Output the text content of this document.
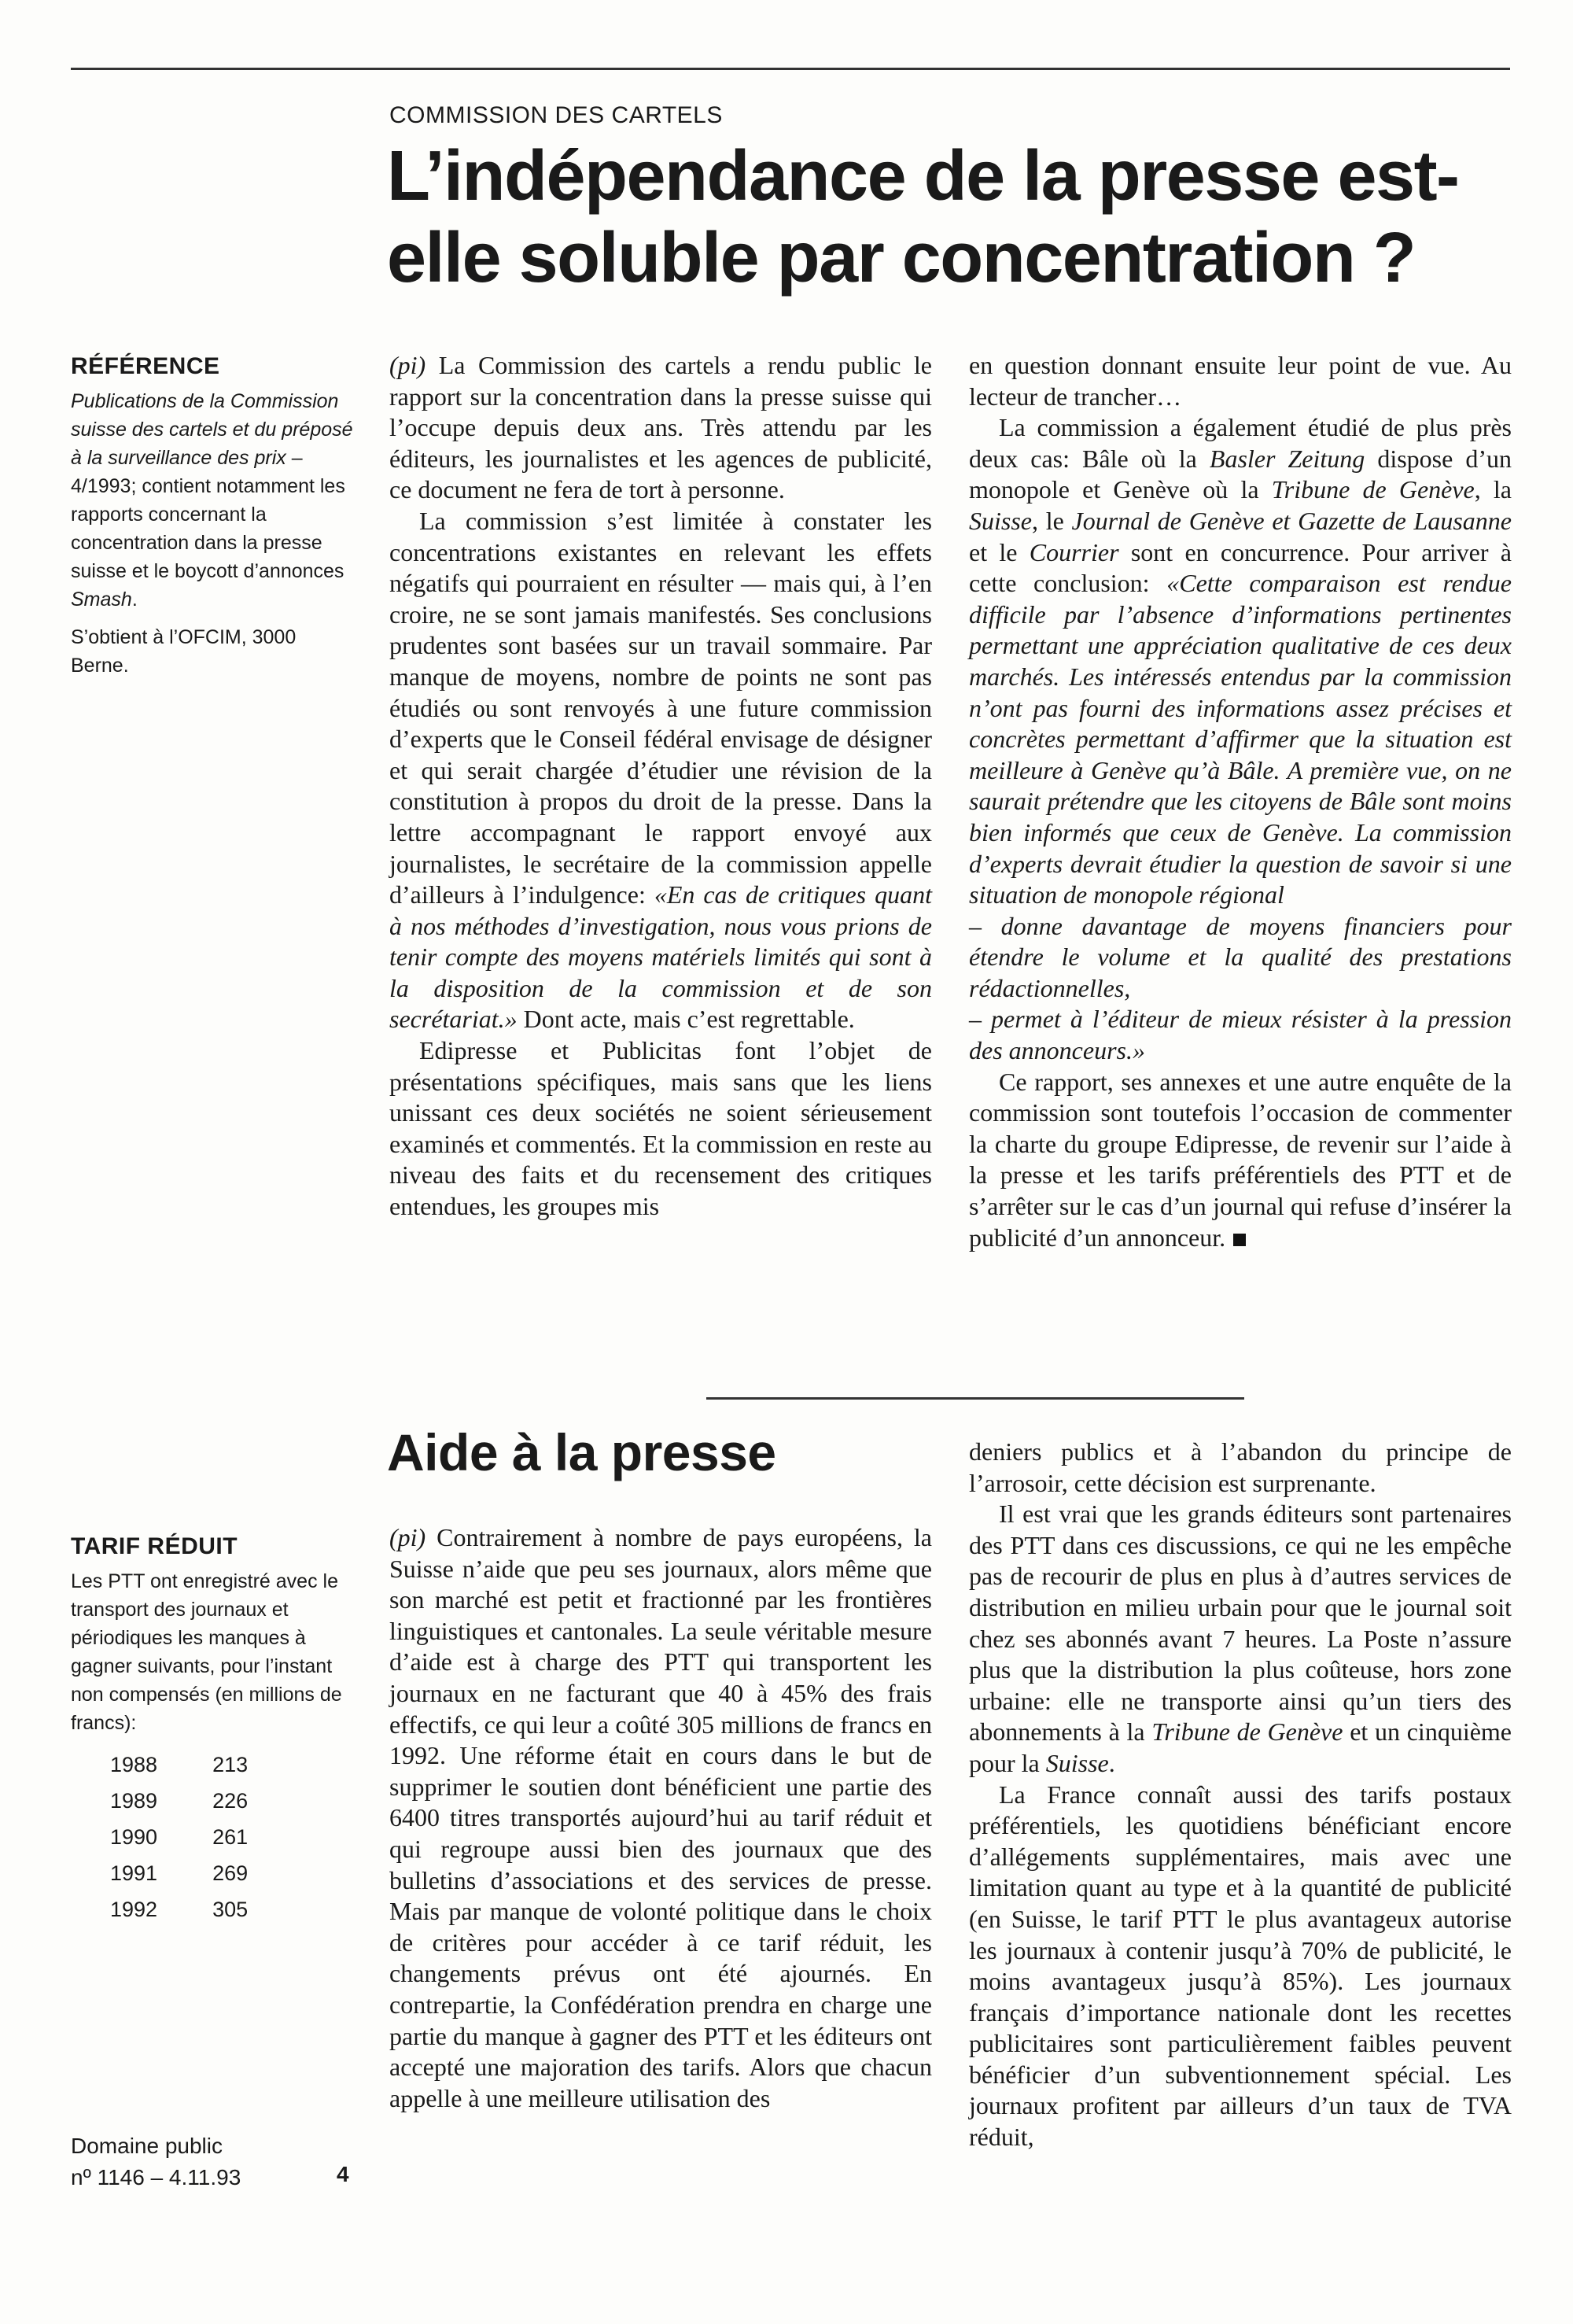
COMMISSION DES CARTELS
L’indépendance de la presse est-elle soluble par concentration ?
RÉFÉRENCE

Publications de la Commission suisse des cartels et du préposé à la surveillance des prix – 4/1993; contient notamment les rapports concernant la concentration dans la presse suisse et le boycott d’annonces Smash.

S’obtient à l’OFCIM, 3000 Berne.

(pi) La Commission des cartels a rendu public le rapport sur la concentration dans la presse suisse qui l’occupe depuis deux ans. Très attendu par les éditeurs, les journalistes et les agences de publicité, ce document ne fera de tort à personne.

La commission s’est limitée à constater les concentrations existantes en relevant les effets négatifs qui pourraient en résulter — mais qui, à l’en croire, ne se sont jamais manifestés. Ses conclusions prudentes sont basées sur un travail sommaire. Par manque de moyens, nombre de points ne sont pas étudiés ou sont renvoyés à une future commission d’experts que le Conseil fédéral envisage de désigner et qui serait chargée d’étudier une révision de la constitution à propos du droit de la presse. Dans la lettre accompagnant le rapport envoyé aux journalistes, le secrétaire de la commission appelle d’ailleurs à l’indulgence: «En cas de critiques quant à nos méthodes d’investigation, nous vous prions de tenir compte des moyens matériels limités qui sont à la disposition de la commission et de son secrétariat.» Dont acte, mais c’est regrettable.

Edipresse et Publicitas font l’objet de présentations spécifiques, mais sans que les liens unissant ces deux sociétés ne soient sérieusement examinés et commentés. Et la commission en reste au niveau des faits et du recensement des critiques entendues, les groupes mis

en question donnant ensuite leur point de vue. Au lecteur de trancher…

La commission a également étudié de plus près deux cas: Bâle où la Basler Zeitung dispose d’un monopole et Genève où la Tribune de Genève, la Suisse, le Journal de Genève et Gazette de Lausanne et le Courrier sont en concurrence. Pour arriver à cette conclusion: «Cette comparaison est rendue difficile par l’absence d’informations pertinentes permettant une appréciation qualitative de ces deux marchés. Les intéressés entendus par la commission n’ont pas fourni des informations assez précises et concrètes permettant d’affirmer que la situation est meilleure à Genève qu’à Bâle. A première vue, on ne saurait prétendre que les citoyens de Bâle sont moins bien informés que ceux de Genève. La commission d’experts devrait étudier la question de savoir si une situation de monopole régional

– donne davantage de moyens financiers pour étendre le volume et la qualité des prestations rédactionnelles,

– permet à l’éditeur de mieux résister à la pression des annonceurs.»

Ce rapport, ses annexes et une autre enquête de la commission sont toutefois l’occasion de commenter la charte du groupe Edipresse, de revenir sur l’aide à la presse et les tarifs préférentiels des PTT et de s’arrêter sur le cas d’un journal qui refuse d’insérer la publicité d’un annonceur.

Aide à la presse
TARIF RÉDUIT

Les PTT ont enregistré avec le transport des journaux et périodiques les manques à gagner suivants, pour l’instant non compensés (en millions de francs):

1988	213
1989	226
1990	261
1991	269
1992	305

(pi) Contrairement à nombre de pays européens, la Suisse n’aide que peu ses journaux, alors même que son marché est petit et fractionné par les frontières linguistiques et cantonales. La seule véritable mesure d’aide est à charge des PTT qui transportent les journaux en ne facturant que 40 à 45% des frais effectifs, ce qui leur a coûté 305 millions de francs en 1992. Une réforme était en cours dans le but de supprimer le soutien dont bénéficient une partie des 6400 titres transportés aujourd’hui au tarif réduit et qui regroupe aussi bien des journaux que des bulletins d’associations et des services de presse. Mais par manque de volonté politique dans le choix de critères pour accéder à ce tarif réduit, les changements prévus ont été ajournés. En contrepartie, la Confédération prendra en charge une partie du manque à gagner des PTT et les éditeurs ont accepté une majoration des tarifs. Alors que chacun appelle à une meilleure utilisation des

deniers publics et à l’abandon du principe de l’arrosoir, cette décision est surprenante.

Il est vrai que les grands éditeurs sont partenaires des PTT dans ces discussions, ce qui ne les empêche pas de recourir de plus en plus à d’autres services de distribution en milieu urbain pour que le journal soit chez ses abonnés avant 7 heures. La Poste n’assure plus que la distribution la plus coûteuse, hors zone urbaine: elle ne transporte ainsi qu’un tiers des abonnements à la Tribune de Genève et un cinquième pour la Suisse.

La France connaît aussi des tarifs postaux préférentiels, les quotidiens bénéficiant encore d’allégements supplémentaires, mais avec une limitation quant au type et à la quantité de publicité (en Suisse, le tarif PTT le plus avantageux autorise les journaux à contenir jusqu’à 70% de publicité, le moins avantageux jusqu’à 85%). Les journaux français d’importance nationale dont les recettes publicitaires sont particulièrement faibles peuvent bénéficier d’un subventionnement spécial. Les journaux profitent par ailleurs d’un taux de TVA réduit,

Domaine public
nº 1146 – 4.11.93	4
